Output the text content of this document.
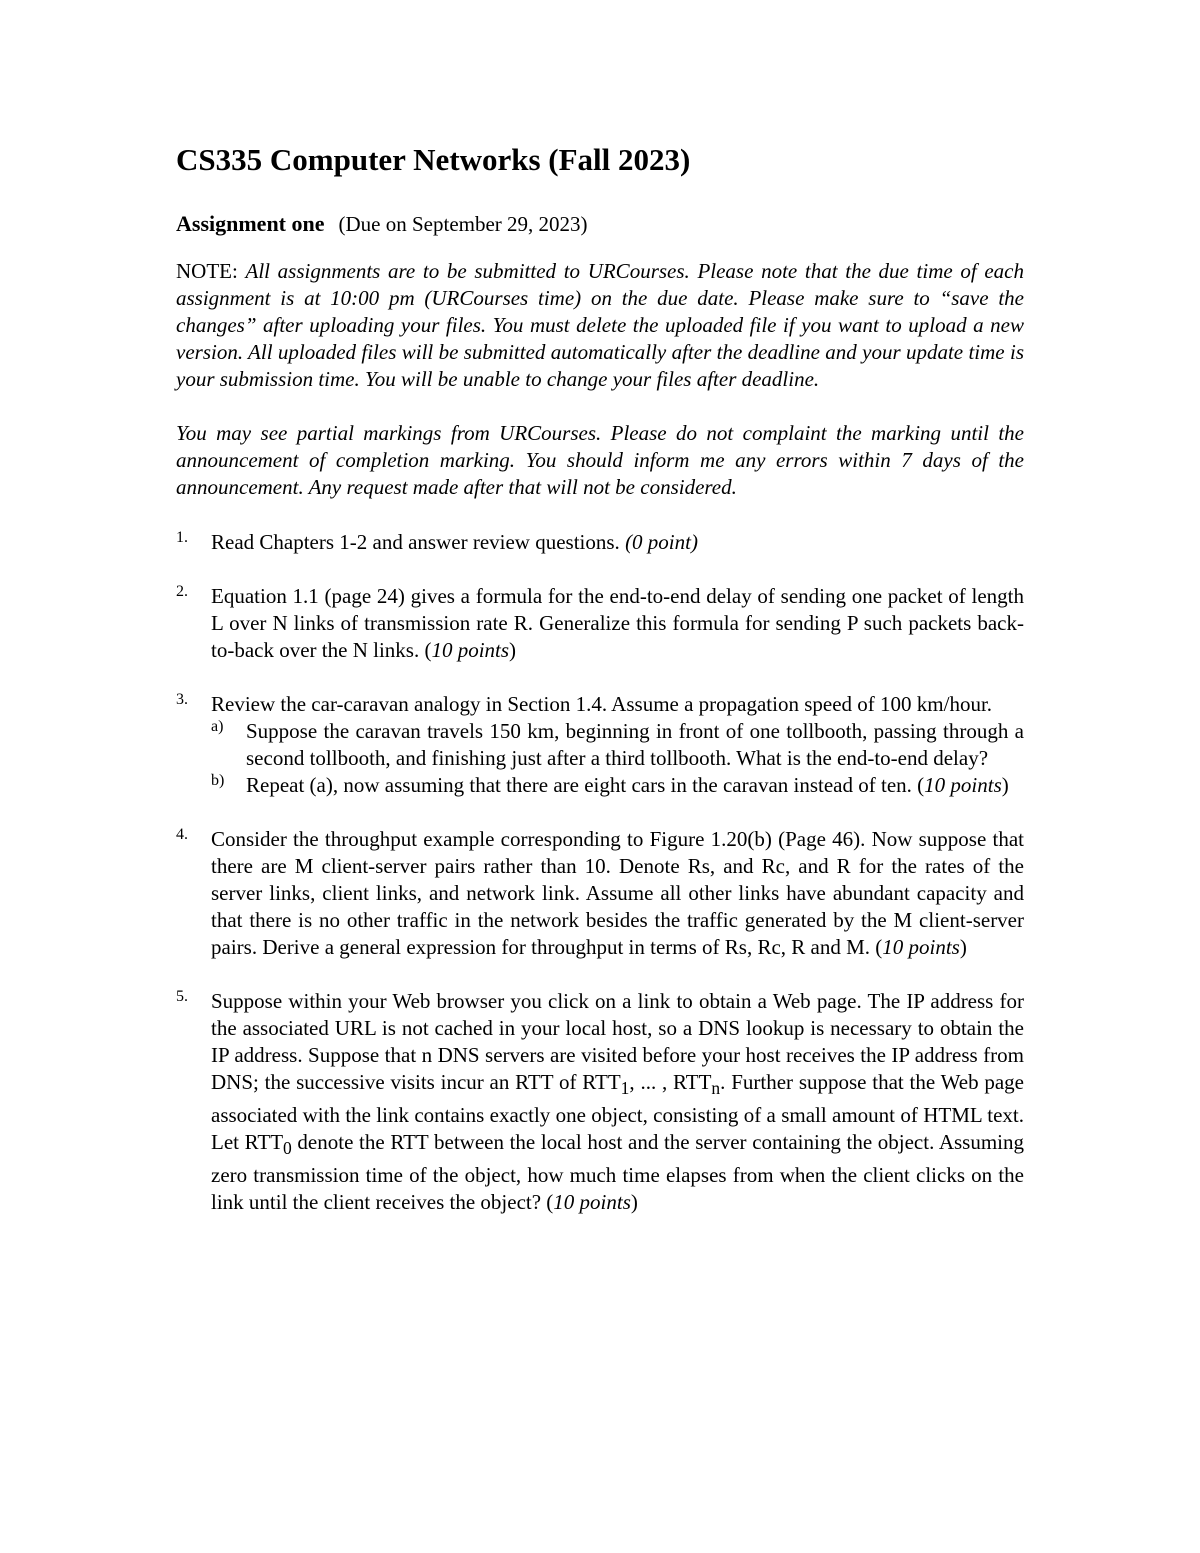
CS335 Computer Networks (Fall 2023)
Assignment one (Due on September 29, 2023)

NOTE: All assignments are to be submitted to URCourses. Please note that the due time of each assignment is at 10:00 pm (URCourses time) on the due date. Please make sure to “save the changes” after uploading your files. You must delete the uploaded file if you want to upload a new version. All uploaded files will be submitted automatically after the deadline and your update time is your submission time. You will be unable to change your files after deadline.

You may see partial markings from URCourses. Please do not complaint the marking until the announcement of completion marking. You should inform me any errors within 7 days of the announcement. Any request made after that will not be considered.

1. Read Chapters 1-2 and answer review questions. (0 point)

2. Equation 1.1 (page 24) gives a formula for the end-to-end delay of sending one packet of length L over N links of transmission rate R. Generalize this formula for sending P such packets back-to-back over the N links. (10 points)

3. Review the car-caravan analogy in Section 1.4. Assume a propagation speed of 100 km/hour.

a) Suppose the caravan travels 150 km, beginning in front of one tollbooth, passing through a second tollbooth, and finishing just after a third tollbooth. What is the end-to-end delay?

b) Repeat (a), now assuming that there are eight cars in the caravan instead of ten. (10 points)

4. Consider the throughput example corresponding to Figure 1.20(b) (Page 46). Now suppose that there are M client-server pairs rather than 10. Denote Rs, and Rc, and R for the rates of the server links, client links, and network link. Assume all other links have abundant capacity and that there is no other traffic in the network besides the traffic generated by the M client-server pairs. Derive a general expression for throughput in terms of Rs, Rc, R and M. (10 points)

5. Suppose within your Web browser you click on a link to obtain a Web page. The IP address for the associated URL is not cached in your local host, so a DNS lookup is necessary to obtain the IP address. Suppose that n DNS servers are visited before your host receives the IP address from DNS; the successive visits incur an RTT of $RTT_1$, ... , $RTT_n$. Further suppose that the Web page associated with the link contains exactly one object, consisting of a small amount of HTML text. Let $RTT_0$ denote the RTT between the local host and the server containing the object. Assuming zero transmission time of the object, how much time elapses from when the client clicks on the link until the client receives the object? (10 points)
